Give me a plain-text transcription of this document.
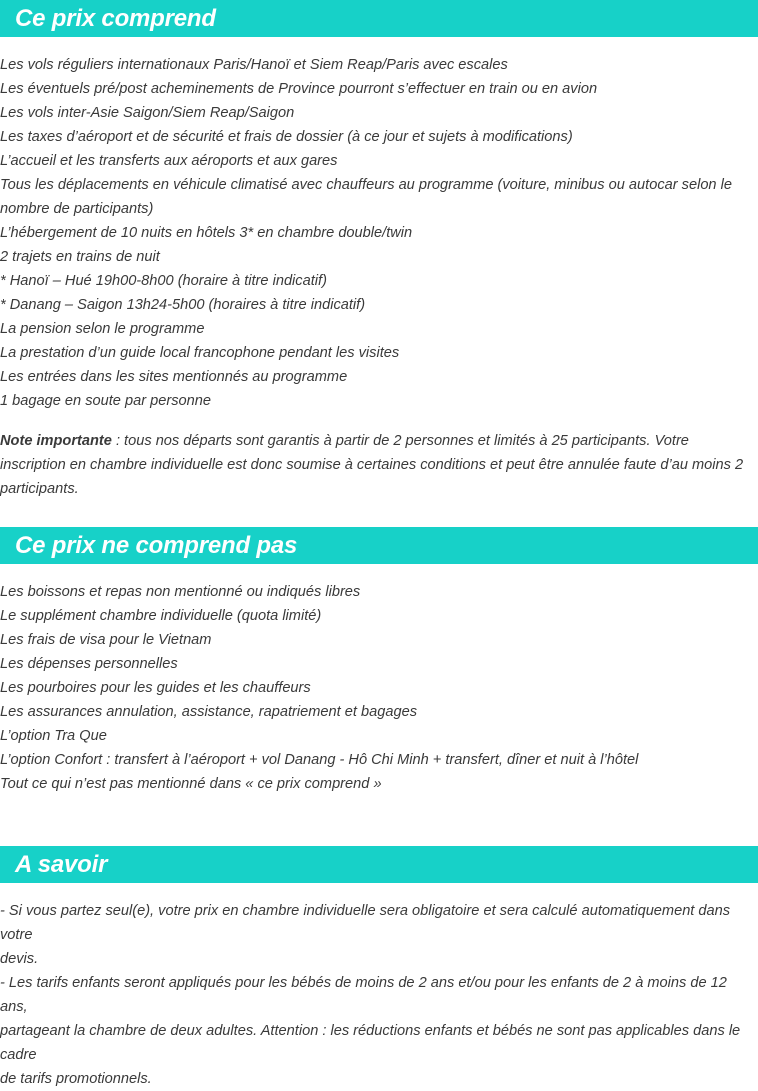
Ce prix comprend
Les vols réguliers internationaux Paris/Hanoï et Siem Reap/Paris avec escales
Les éventuels pré/post acheminements de Province pourront s’effectuer en train ou en avion
Les vols inter-Asie Saigon/Siem Reap/Saigon
Les taxes d’aéroport et de sécurité et frais de dossier (à ce jour et sujets à modifications)
L’accueil et les transferts aux aéroports et aux gares
Tous les déplacements en véhicule climatisé avec chauffeurs au programme (voiture, minibus ou autocar selon le
nombre de participants)
L’hébergement de 10 nuits en hôtels 3* en chambre double/twin
2 trajets en trains de nuit
* Hanoï – Hué 19h00-8h00 (horaire à titre indicatif)
* Danang – Saigon 13h24-5h00 (horaires à titre indicatif)
La pension selon le programme
La prestation d’un guide local francophone pendant les visites
Les entrées dans les sites mentionnés au programme
1 bagage en soute par personne

Note importante : tous nos départs sont garantis à partir de 2 personnes et limités à 25 participants. Votre inscription en chambre individuelle est donc soumise à certaines conditions et peut être annulée faute d’au moins 2 participants.

Ce prix ne comprend pas
Les boissons et repas non mentionné ou indiqués libres
Le supplément chambre individuelle (quota limité)
Les frais de visa pour le Vietnam
Les dépenses personnelles
Les pourboires pour les guides et les chauffeurs
Les assurances annulation, assistance, rapatriement et bagages
L’option Tra Que
L’option Confort : transfert à l’aéroport + vol Danang - Hô Chi Minh + transfert, dîner et nuit à l’hôtel
Tout ce qui n’est pas mentionné dans « ce prix comprend »
A savoir
- Si vous partez seul(e), votre prix en chambre individuelle sera obligatoire et sera calculé automatiquement dans votre
devis.
- Les tarifs enfants seront appliqués pour les bébés de moins de 2 ans et/ou pour les enfants de 2 à moins de 12 ans,
partageant la chambre de deux adultes. Attention : les réductions enfants et bébés ne sont pas applicables dans le cadre
de tarifs promotionnels.
